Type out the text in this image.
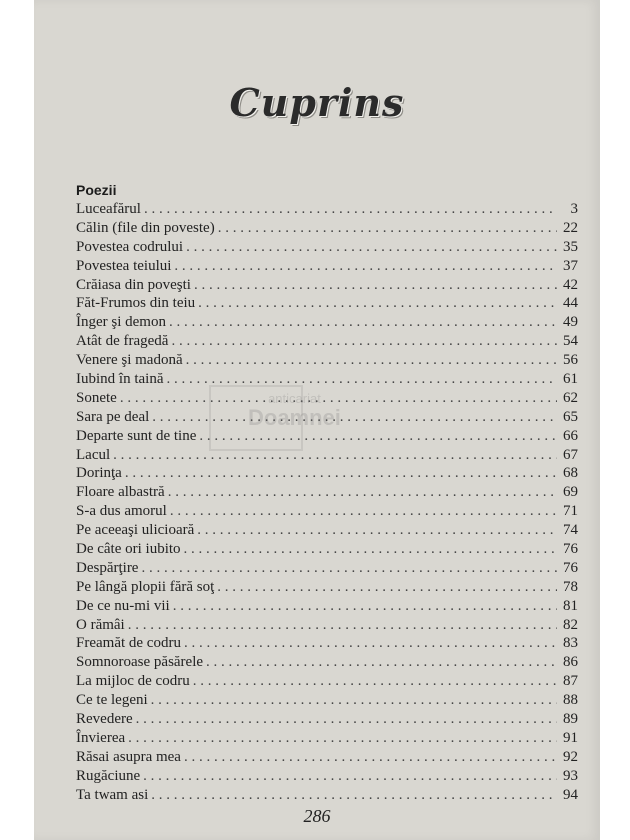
Cuprins
Poezii
Luceafărul . . .	3
Călin (file din poveste) . . .	22
Povestea codrului . . .	35
Povestea teiului . . .	37
Crăiasa din poveşti . . .	42
Făt-Frumos din teiu . . .	44
Înger şi demon . . .	49
Atât de fragedă . . .	54
Venere şi madonă . . .	56
Iubind în taină . . .	61
Sonete . . .	62
Sara pe deal . . .	65
Departe sunt de tine . . .	66
Lacul . . .	67
Dorinţa . . .	68
Floare albastră . . .	69
S-a dus amorul . . .	71
Pe aceeaşi ulicioară . . .	74
De câte ori iubito . . .	76
Despărţire . . .	76
Pe lângă plopii fără soţ . . .	78
De ce nu-mi vii . . .	81
O rămâi . . .	82
Freamăt de codru . . .	83
Somnoroase păsărele . . .	86
La mijloc de codru . . .	87
Ce te legeni . . .	88
Revedere . . .	89
Învierea . . .	91
Răsai asupra mea . . .	92
Rugăciune . . .	93
Ta twam asi . . .	94
286
anticariat
Doamnei
